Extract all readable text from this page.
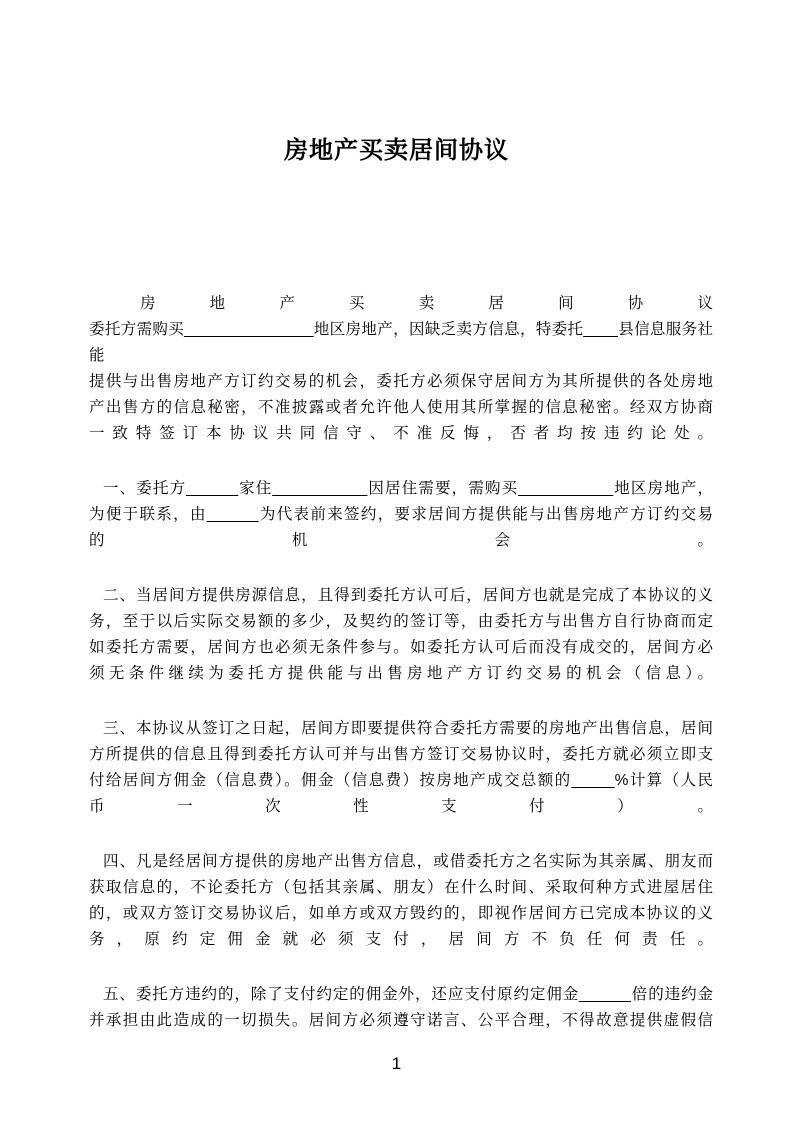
房地产买卖居间协议
房地产买卖居间协议
委托方需购买_______________地区房地产，因缺乏卖方信息，特委托____县信息服务社能
提供与出售房地产方订约交易的机会，委托方必须保守居间方为其所提供的各处房地
产出售方的信息秘密，不准披露或者允许他人使用其所掌握的信息秘密。经双方协商
一致特签订本协议共同信守、不准反悔，否者均按违约论处。
一、委托方______家住___________因居住需要，需购买___________地区房地产，
为便于联系，由______为代表前来签约，要求居间方提供能与出售房地产方订约交易
的机会。
二、当居间方提供房源信息，且得到委托方认可后，居间方也就是完成了本协议的义
务，至于以后实际交易额的多少，及契约的签订等，由委托方与出售方自行协商而定
如委托方需要，居间方也必须无条件参与。如委托方认可后而没有成交的，居间方必
须无条件继续为委托方提供能与出售房地产方订约交易的机会（信息）。
三、本协议从签订之日起，居间方即要提供符合委托方需要的房地产出售信息，居间
方所提供的信息且得到委托方认可并与出售方签订交易协议时，委托方就必须立即支
付给居间方佣金（信息费）。佣金（信息费）按房地产成交总额的_____%计算（人民
币一次性支付）。
四、凡是经居间方提供的房地产出售方信息，或借委托方之名实际为其亲属、朋友而
获取信息的，不论委托方（包括其亲属、朋友）在什么时间、采取何种方式进屋居住
的，或双方签订交易协议后，如单方或双方毁约的，即视作居间方已完成本协议的义
务，原约定佣金就必须支付，居间方不负任何责任。
五、委托方违约的，除了支付约定的佣金外，还应支付原约定佣金______倍的违约金
并承担由此造成的一切损失。居间方必须遵守诺言、公平合理，不得故意提供虚假信
1
